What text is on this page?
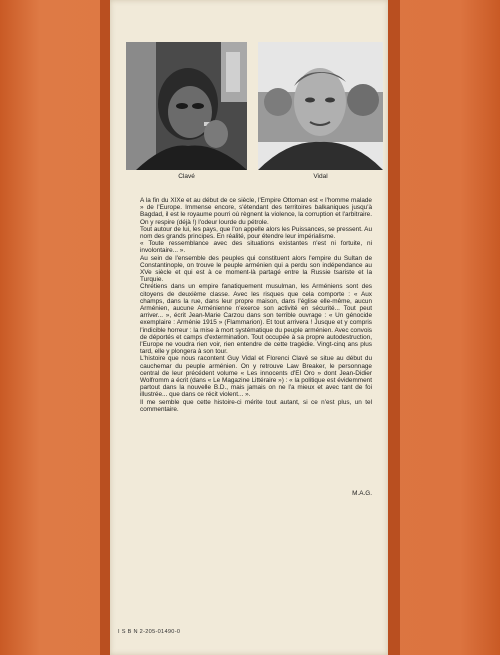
Clavé	Vidal

A la fin du XIXe et au début de ce siècle, l'Empire Ottoman est « l'homme malade » de l'Europe. Immense encore, s'étendant des territoires balkaniques jusqu'à Bagdad, il est le royaume pourri où règnent la violence, la corruption et l'arbitraire. On y respire (déjà !) l'odeur lourde du pétrole.

Tout autour de lui, les pays, que l'on appelle alors les Puissances, se pressent. Au nom des grands principes. En réalité, pour étendre leur impérialisme.

« Toute ressemblance avec des situations existantes n'est ni fortuite, ni involontaire... ».

Au sein de l'ensemble des peuples qui constituent alors l'empire du Sultan de Constantinople, on trouve le peuple arménien qui a perdu son indépendance au XVe siècle et qui est à ce moment-là partagé entre la Russie tsariste et la Turquie.

Chrétiens dans un empire fanatiquement musulman, les Arméniens sont des citoyens de deuxième classe. Avec les risques que cela comporte : « Aux champs, dans la rue, dans leur propre maison, dans l'église elle-même, aucun Arménien, aucune Arménienne n'exerce son activité en sécurité... Tout peut arriver... », écrit Jean-Marie Carzou dans son terrible ouvrage : « Un génocide exemplaire : Arménie 1915 » (Flammarion). Et tout arrivera ! Jusque et y compris l'indicible horreur : la mise à mort systématique du peuple arménien. Avec convois de déportés et camps d'extermination. Tout occupée à sa propre autodestruction, l'Europe ne voudra rien voir, rien entendre de cette tragédie. Vingt-cinq ans plus tard, elle y plongera à son tour.

L'histoire que nous racontent Guy Vidal et Florenci Clavé se situe au début du cauchemar du peuple arménien. On y retrouve Law Breaker, le personnage central de leur précédent volume « Les innocents d'El Oro » dont Jean-Didier Wolfromm a écrit (dans « Le Magazine Littéraire ») : « la politique est évidemment partout dans la nouvelle B.D., mais jamais on ne l'a mieux et avec tant de foi illustrée... que dans ce récit violent... ».

Il me semble que cette histoire-ci mérite tout autant, si ce n'est plus, un tel commentaire.

M.A.G.
I S B N 2-205-01490-0
